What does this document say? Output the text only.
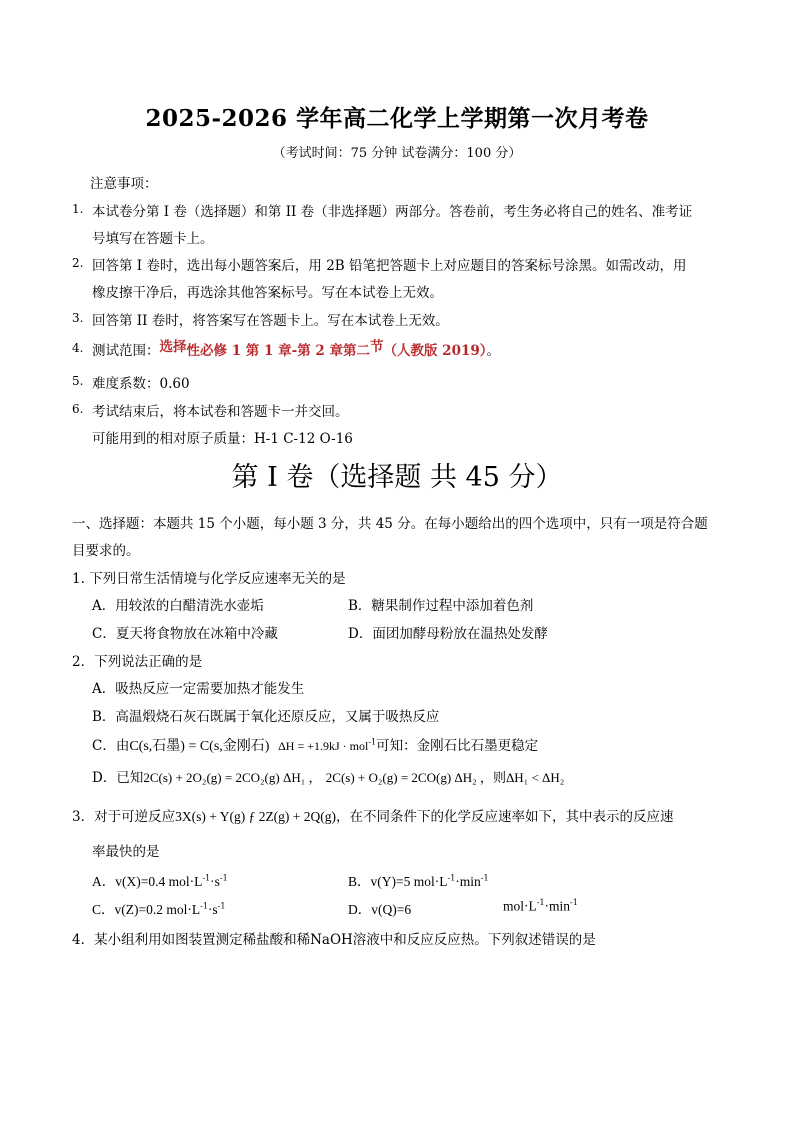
2025-2026 学年高二化学上学期第一次月考卷
（考试时间：75 分钟 试卷满分：100 分）
注意事项：
1. 本试卷分第 I 卷（选择题）和第 II 卷（非选择题）两部分。答卷前，考生务必将自己的姓名、准考证
号填写在答题卡上。
2. 回答第 I 卷时，选出每小题答案后，用 2B 铅笔把答题卡上对应题目的答案标号涂黑。如需改动，用
橡皮擦干净后，再选涂其他答案标号。写在本试卷上无效。
3. 回答第 II 卷时，将答案写在答题卡上。写在本试卷上无效。
4. 测试范围：选择性必修 1 第 1 章-第 2 章第二节（人教版 2019）。
5. 难度系数：0.60
6. 考试结束后，将本试卷和答题卡一并交回。
可能用到的相对原子质量：H-1 C-12 O-16
第 I 卷（选择题 共 45 分）
一、选择题：本题共 15 个小题，每小题 3 分，共 45 分。在每小题给出的四个选项中，只有一项是符合题
目要求的。
1. 下列日常生活情境与化学反应速率无关的是
A．用较浓的白醋清洗水壶垢	B．糖果制作过程中添加着色剂
C．夏天将食物放在冰箱中冷藏	D．面团加酵母粉放在温热处发酵
2．下列说法正确的是
A．吸热反应一定需要加热才能发生
B．高温煅烧石灰石既属于氧化还原反应，又属于吸热反应
C．由C(s,石墨) = C(s,金刚石) ΔH = +1.9kJ · mol$^{-1}$可知：金刚石比石墨更稳定
D．已知2C(s) + 2O₂(g) = 2CO₂(g) ΔH₁ ， 2C(s) + O₂(g) = 2CO(g) ΔH₂ ，则ΔH₁ < ΔH₂
3．对于可逆反应3X(s) + Y(g) ƒ 2Z(g) + 2Q(g)，在不同条件下的化学反应速率如下，其中表示的反应速
率最快的是
A．v(X)=0.4 $mol\cdot L^{-1}\cdot s^{-1}$	B．v(Y)=5 $mol\cdot L^{-1}\cdot\min^{-1}$
C．v(Z)=0.2 $mol\cdot L^{-1}\cdot s^{-1}$	D．v(Q)=6	$mol\cdot L^{-1}\cdot\min^{-1}$
4．某小组利用如图装置测定稀盐酸和稀NaOH溶液中和反应反应热。下列叙述错误的是
